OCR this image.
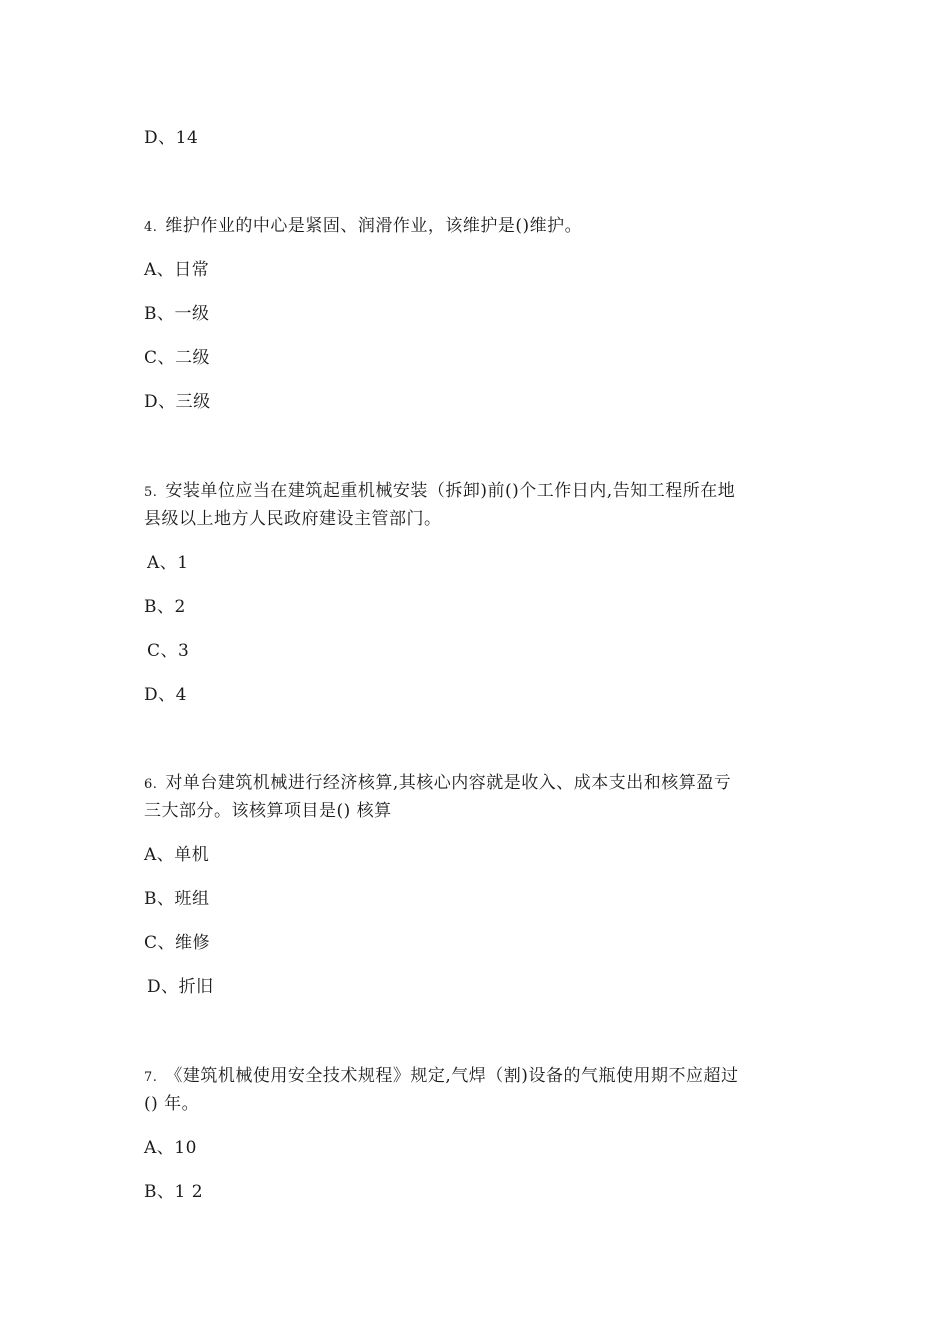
D、14
4. 维护作业的中心是紧固、润滑作业，该维护是()维护。
A、日常
B、一级
C、二级
D、三级
5. 安装单位应当在建筑起重机械安装（拆卸)前()个工作日内,告知工程所在地
县级以上地方人民政府建设主管部门。
A、1
B、2
C、3
D、4
6. 对单台建筑机械进行经济核算,其核心内容就是收入、成本支出和核算盈亏
三大部分。该核算项目是() 核算
A、单机
B、班组
C、维修
D、折旧
7. 《建筑机械使用安全技术规程》规定,气焊（割)设备的气瓶使用期不应超过
() 年。
A、10
B、1 2
